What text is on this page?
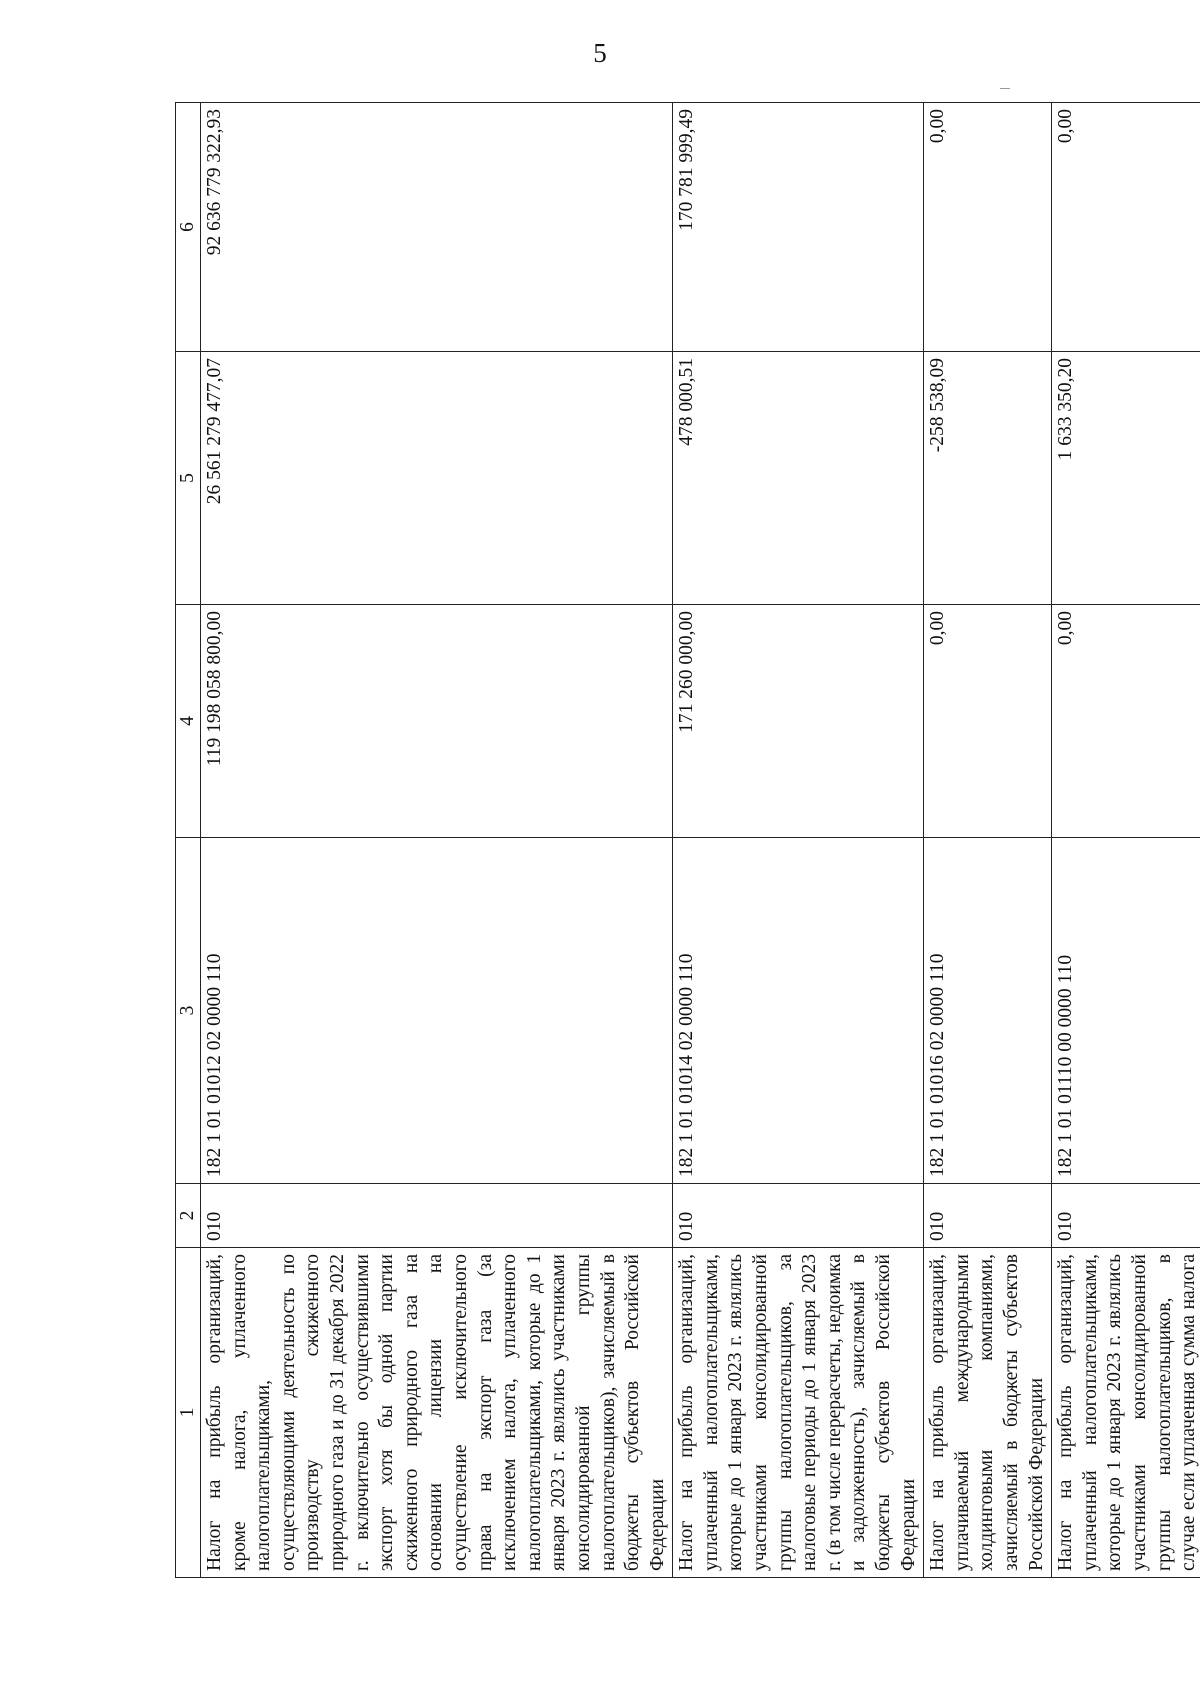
5
1	2	3	4	5	6
Налог на прибыль организаций, кроме налога, уплаченного налогоплательщиками, осуществляющими деятельность по производству сжиженного природного газа и до 31 декабря 2022 г. включительно осуществившими экспорт хотя бы одной партии сжиженного природного газа на основании лицензии на осуществление исключительного права на экспорт газа (за исключением налога, уплаченного налогоплательщиками, которые до 1 января 2023 г. являлись участниками консолидированной группы налогоплательщиков), зачисляемый в бюджеты субъектов Российской Федерации	010	182 1 01 01012 02 0000 110	119 198 058 800,00	26 561 279 477,07	92 636 779 322,93
Налог на прибыль организаций, уплаченный налогоплательщиками, которые до 1 января 2023 г. являлись участниками консолидированной группы налогоплательщиков, за налоговые периоды до 1 января 2023 г. (в том числе перерасчеты, недоимка и задолженность), зачисляемый в бюджеты субъектов Российской Федерации	010	182 1 01 01014 02 0000 110	171 260 000,00	478 000,51	170 781 999,49
Налог на прибыль организаций, уплачиваемый международными холдинговыми компаниями, зачисляемый в бюджеты субъектов Российской Федерации	010	182 1 01 01016 02 0000 110	0,00	-258 538,09	0,00
Налог на прибыль организаций, уплаченный налогоплательщиками, которые до 1 января 2023 г. являлись участниками консолидированной группы налогоплательщиков, в случае если уплаченная сумма налога	010	182 1 01 01110 00 0000 110	0,00	1 633 350,20	0,00
